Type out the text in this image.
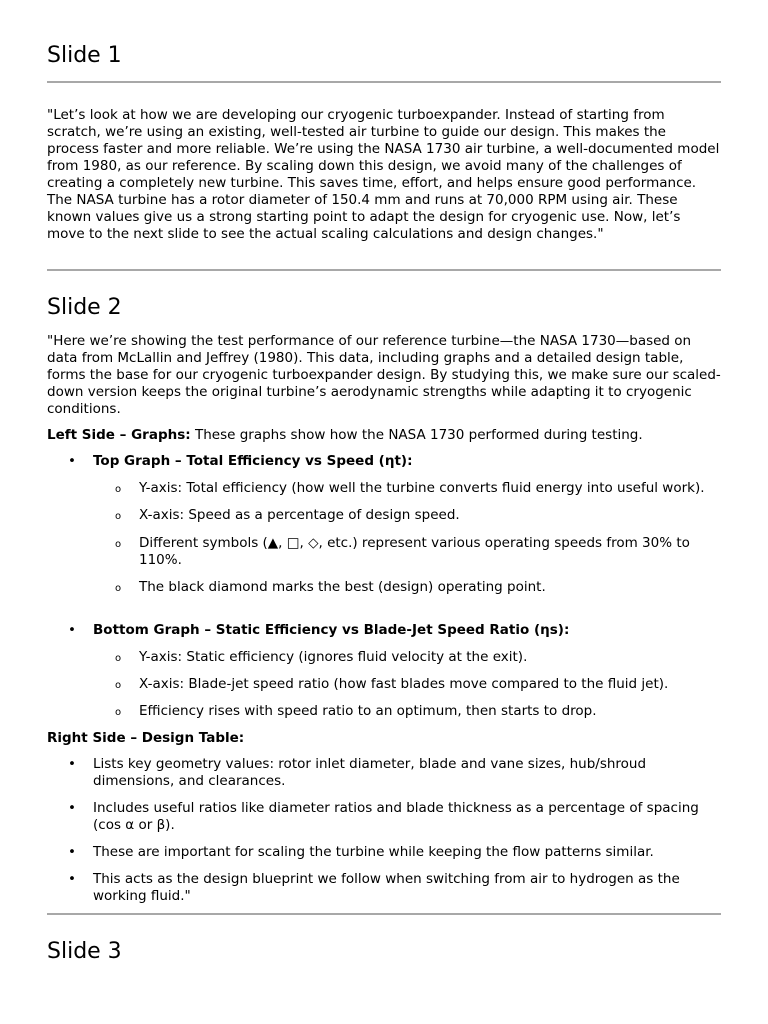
Slide 1

"Let’s look at how we are developing our cryogenic turboexpander. Instead of starting from scratch, we’re using an existing, well-tested air turbine to guide our design. This makes the process faster and more reliable. We’re using the NASA 1730 air turbine, a well-documented model from 1980, as our reference. By scaling down this design, we avoid many of the challenges of creating a completely new turbine. This saves time, effort, and helps ensure good performance. The NASA turbine has a rotor diameter of 150.4 mm and runs at 70,000 RPM using air. These known values give us a strong starting point to adapt the design for cryogenic use. Now, let’s move to the next slide to see the actual scaling calculations and design changes."

Slide 2

"Here we’re showing the test performance of our reference turbine—the NASA 1730—based on data from McLallin and Jeffrey (1980). This data, including graphs and a detailed design table, forms the base for our cryogenic turboexpander design. By studying this, we make sure our scaled-down version keeps the original turbine’s aerodynamic strengths while adapting it to cryogenic conditions.

Left Side – Graphs: These graphs show how the NASA 1730 performed during testing.

• Top Graph – Total Efficiency vs Speed (ηt):
o Y-axis: Total efficiency (how well the turbine converts fluid energy into useful work).
o X-axis: Speed as a percentage of design speed.
o Different symbols (▲, □, ◇, etc.) represent various operating speeds from 30% to 110%.
o The black diamond marks the best (design) operating point.
• Bottom Graph – Static Efficiency vs Blade-Jet Speed Ratio (ηs):
o Y-axis: Static efficiency (ignores fluid velocity at the exit).
o X-axis: Blade-jet speed ratio (how fast blades move compared to the fluid jet).
o Efficiency rises with speed ratio to an optimum, then starts to drop.

Right Side – Design Table:

• Lists key geometry values: rotor inlet diameter, blade and vane sizes, hub/shroud dimensions, and clearances.
• Includes useful ratios like diameter ratios and blade thickness as a percentage of spacing (cos α or β).
• These are important for scaling the turbine while keeping the flow patterns similar.
• This acts as the design blueprint we follow when switching from air to hydrogen as the working fluid."
Slide 3
